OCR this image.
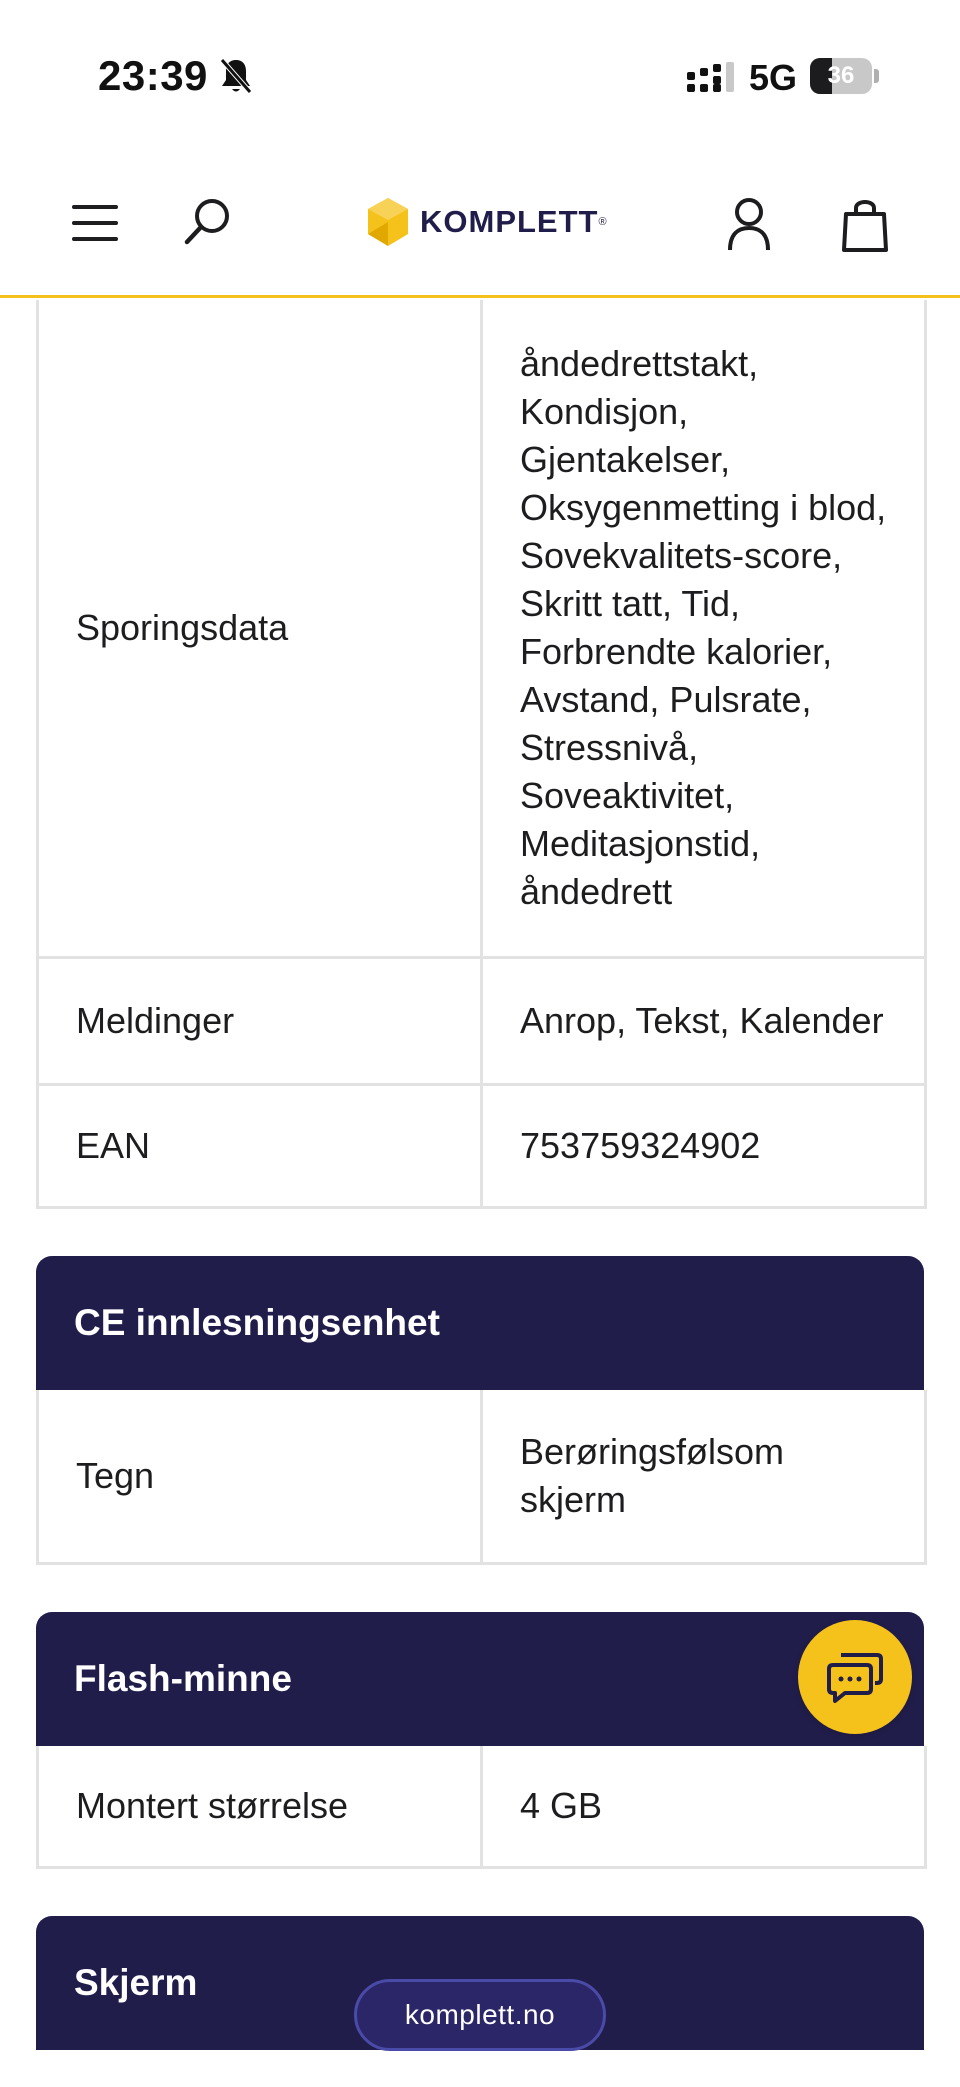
23:39	5G	36
KOMPLETT ®
Sporingsdata	åndedrettstakt, Kondisjon, Gjentakelser, Oksygenmetting i blod, Sovekvalitets-score, Skritt tatt, Tid, Forbrendte kalorier, Avstand, Pulsrate, Stressnivå, Soveaktivitet, Meditasjonstid, åndedrett
Meldinger	Anrop, Tekst, Kalender
EAN	753759324902
CE innlesningsenhet
Tegn	Berøringsfølsom skjerm
Flash-minne
Montert størrelse	4 GB
Skjerm
komplett.no
